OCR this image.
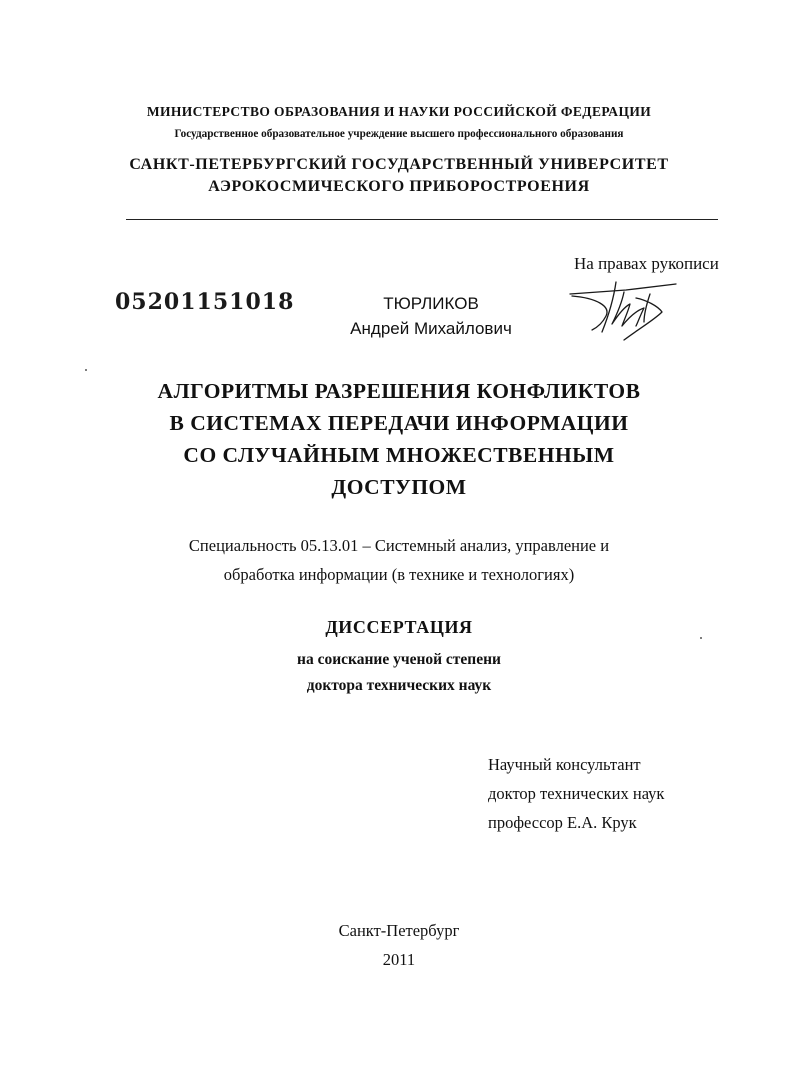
МИНИСТЕРСТВО ОБРАЗОВАНИЯ И НАУКИ РОССИЙСКОЙ ФЕДЕРАЦИИ
Государственное образовательное учреждение высшего профессионального образования
САНКТ-ПЕТЕРБУРГСКИЙ ГОСУДАРСТВЕННЫЙ УНИВЕРСИТЕТ
АЭРОКОСМИЧЕСКОГО ПРИБОРОСТРОЕНИЯ
На правах рукописи
05201151018	ТЮРЛИКОВ
Андрей Михайлович
АЛГОРИТМЫ РАЗРЕШЕНИЯ КОНФЛИКТОВ
В СИСТЕМАХ ПЕРЕДАЧИ ИНФОРМАЦИИ
СО СЛУЧАЙНЫМ МНОЖЕСТВЕННЫМ
ДОСТУПОМ
Специальность 05.13.01 – Системный анализ, управление и
обработка информации (в технике и технологиях)
ДИССЕРТАЦИЯ
на соискание ученой степени
доктора технических наук
Научный консультант
доктор технических наук
профессор Е.А. Крук
Санкт-Петербург
2011
